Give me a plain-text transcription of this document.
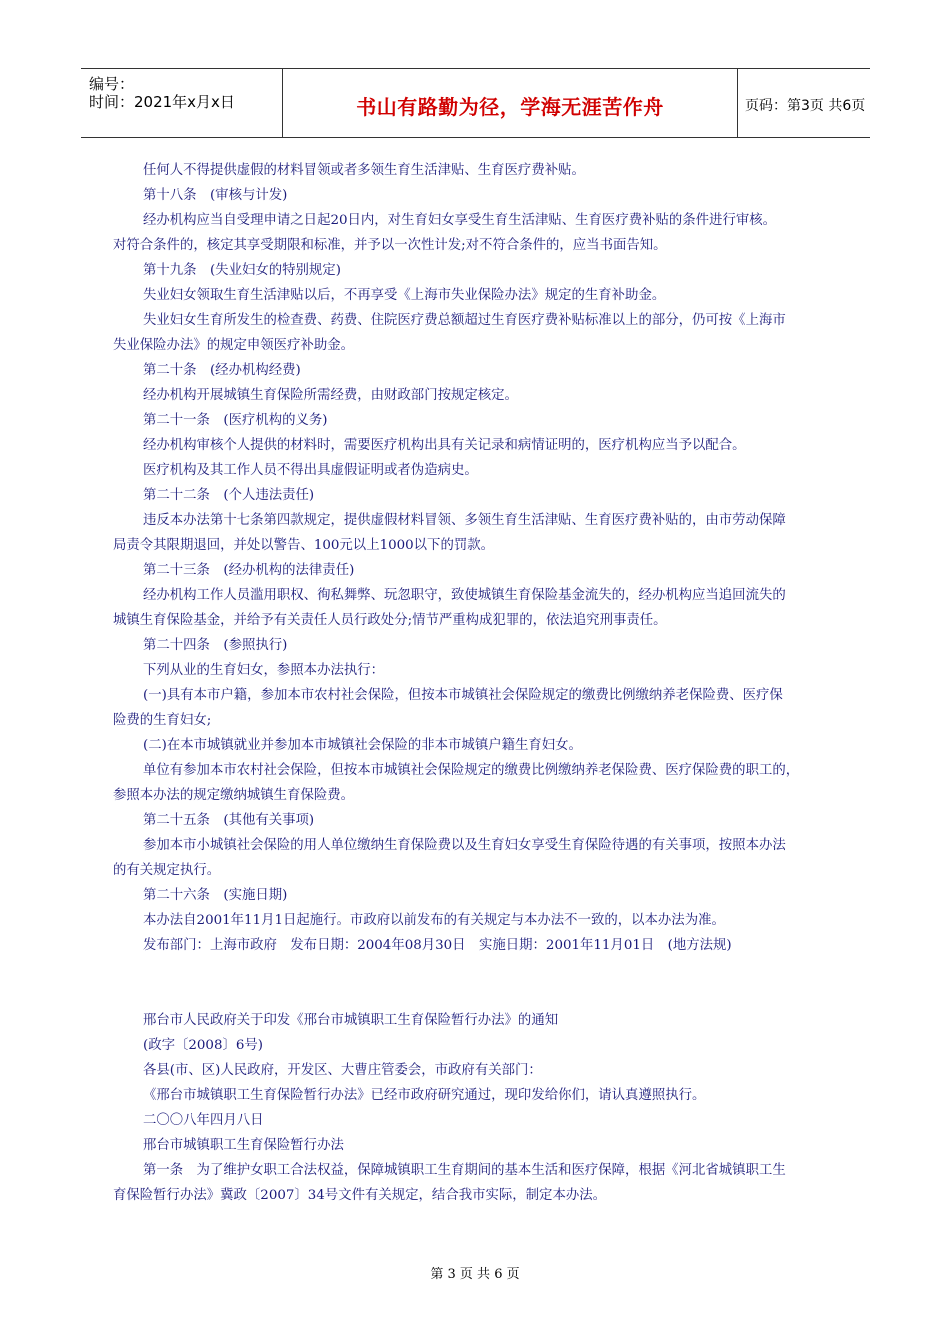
编号：
时间：2021年x月x日	书山有路勤为径，学海无涯苦作舟	页码：第3页 共6页
任何人不得提供虚假的材料冒领或者多领生育生活津贴、生育医疗费补贴。
第十八条　(审核与计发)
经办机构应当自受理申请之日起20日内，对生育妇女享受生育生活津贴、生育医疗费补贴的条件进行审核。
对符合条件的，核定其享受期限和标准，并予以一次性计发;对不符合条件的，应当书面告知。
第十九条　(失业妇女的特别规定)
失业妇女领取生育生活津贴以后，不再享受《上海市失业保险办法》规定的生育补助金。
失业妇女生育所发生的检查费、药费、住院医疗费总额超过生育医疗费补贴标准以上的部分，仍可按《上海市
失业保险办法》的规定申领医疗补助金。
第二十条　(经办机构经费)
经办机构开展城镇生育保险所需经费，由财政部门按规定核定。
第二十一条　(医疗机构的义务)
经办机构审核个人提供的材料时，需要医疗机构出具有关记录和病情证明的，医疗机构应当予以配合。
医疗机构及其工作人员不得出具虚假证明或者伪造病史。
第二十二条　(个人违法责任)
违反本办法第十七条第四款规定，提供虚假材料冒领、多领生育生活津贴、生育医疗费补贴的，由市劳动保障
局责令其限期退回，并处以警告、100元以上1000以下的罚款。
第二十三条　(经办机构的法律责任)
经办机构工作人员滥用职权、徇私舞弊、玩忽职守，致使城镇生育保险基金流失的，经办机构应当追回流失的
城镇生育保险基金，并给予有关责任人员行政处分;情节严重构成犯罪的，依法追究刑事责任。
第二十四条　(参照执行)
下列从业的生育妇女，参照本办法执行：
(一)具有本市户籍，参加本市农村社会保险，但按本市城镇社会保险规定的缴费比例缴纳养老保险费、医疗保
险费的生育妇女;
(二)在本市城镇就业并参加本市城镇社会保险的非本市城镇户籍生育妇女。
单位有参加本市农村社会保险，但按本市城镇社会保险规定的缴费比例缴纳养老保险费、医疗保险费的职工的，
参照本办法的规定缴纳城镇生育保险费。
第二十五条　(其他有关事项)
参加本市小城镇社会保险的用人单位缴纳生育保险费以及生育妇女享受生育保险待遇的有关事项，按照本办法
的有关规定执行。
第二十六条　(实施日期)
本办法自2001年11月1日起施行。市政府以前发布的有关规定与本办法不一致的，以本办法为准。
发布部门：上海市政府　发布日期：2004年08月30日　实施日期：2001年11月01日　(地方法规)
邢台市人民政府关于印发《邢台市城镇职工生育保险暂行办法》的通知
(政字〔2008〕6号)
各县(市、区)人民政府，开发区、大曹庄管委会，市政府有关部门：
《邢台市城镇职工生育保险暂行办法》已经市政府研究通过，现印发给你们，请认真遵照执行。
二〇〇八年四月八日
邢台市城镇职工生育保险暂行办法
第一条　为了维护女职工合法权益，保障城镇职工生育期间的基本生活和医疗保障，根据《河北省城镇职工生
育保险暂行办法》冀政〔2007〕34号文件有关规定，结合我市实际，制定本办法。
第 3 页 共 6 页
